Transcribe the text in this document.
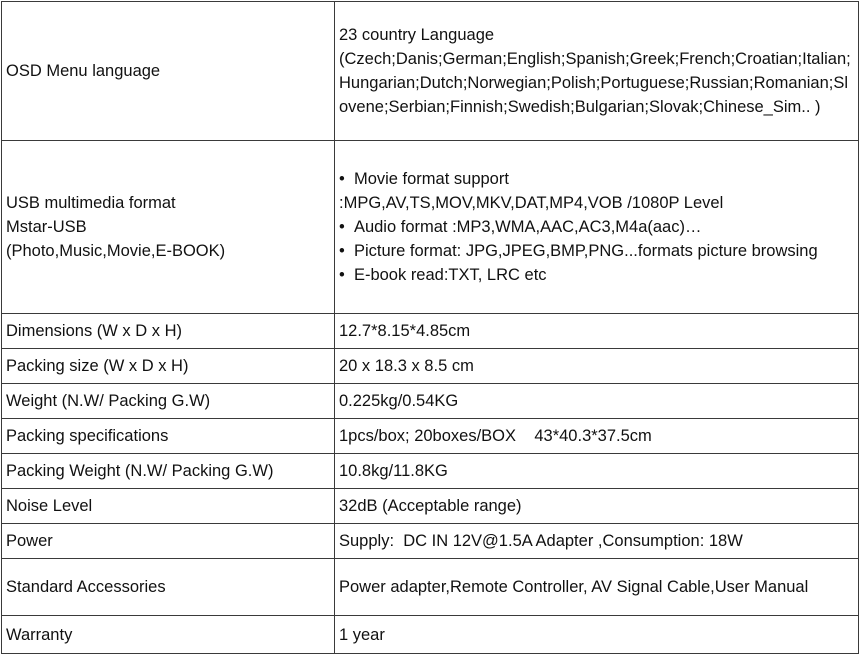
OSD Menu language	23 country Language
(Czech;Danis;German;English;Spanish;Greek;French;Croatian;Italian;Hungarian;Dutch;Norwegian;Polish;Portuguese;Russian;Romanian;Slovene;Serbian;Finnish;Swedish;Bulgarian;Slovak;Chinese_Sim.. )

USB multimedia format
Mstar-USB
(Photo,Music,Movie,E-BOOK)	•  Movie format support
:MPG,AV,TS,MOV,MKV,DAT,MP4,VOB /1080P Level
•  Audio format :MP3,WMA,AAC,AC3,M4a(aac)…
•  Picture format: JPG,JPEG,BMP,PNG...formats picture browsing
•  E-book read:TXT, LRC etc

Dimensions (W x D x H)	12.7*8.15*4.85cm
Packing size (W x D x H)	20 x 18.3 x 8.5 cm
Weight (N.W/ Packing G.W)	0.225kg/0.54KG
Packing specifications	1pcs/box; 20boxes/BOX    43*40.3*37.5cm
Packing Weight (N.W/ Packing G.W)	10.8kg/11.8KG
Noise Level	32dB (Acceptable range)
Power	Supply:  DC IN 12V@1.5A Adapter ,Consumption: 18W
Standard Accessories	Power adapter,Remote Controller, AV Signal Cable,User Manual
Warranty	1 year
